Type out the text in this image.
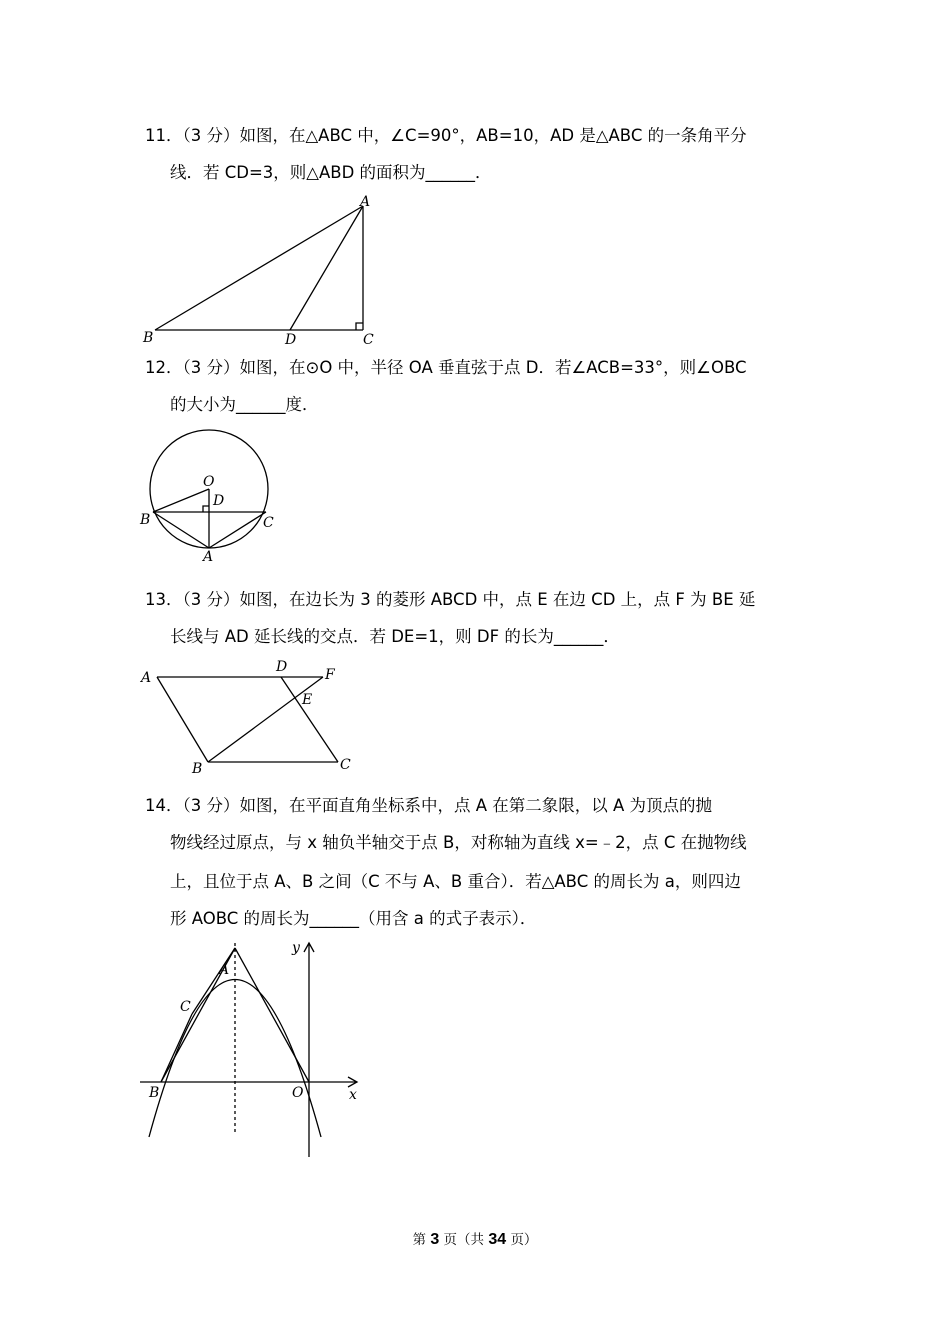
11．（3 分）如图，在△ABC 中，∠C=90°，AB=10，AD 是△ABC 的一条角平分
线．若 CD=3，则△ABD 的面积为______．
A
B	C
D
12．（3 分）如图，在⊙O 中，半径 OA 垂直弦于点 D．若∠ACB=33°，则∠OBC
的大小为______度．
O
D
B	C
A
13．（3 分）如图，在边长为 3 的菱形 ABCD 中，点 E 在边 CD 上，点 F 为 BE 延
长线与 AD 延长线的交点．若 DE=1，则 DF 的长为______．
A
D	F
E
B	C
14．（3 分）如图，在平面直角坐标系中，点 A 在第二象限，以 A 为顶点的抛
物线经过原点，与 x 轴负半轴交于点 B，对称轴为直线 x=﹣2，点 C 在抛物线
上，且位于点 A、B 之间（C 不与 A、B 重合）．若△ABC 的周长为 a，则四边
形 AOBC 的周长为______（用含 a 的式子表示）．
y
A
C
B	O	x
第 3 页（共 34 页）
